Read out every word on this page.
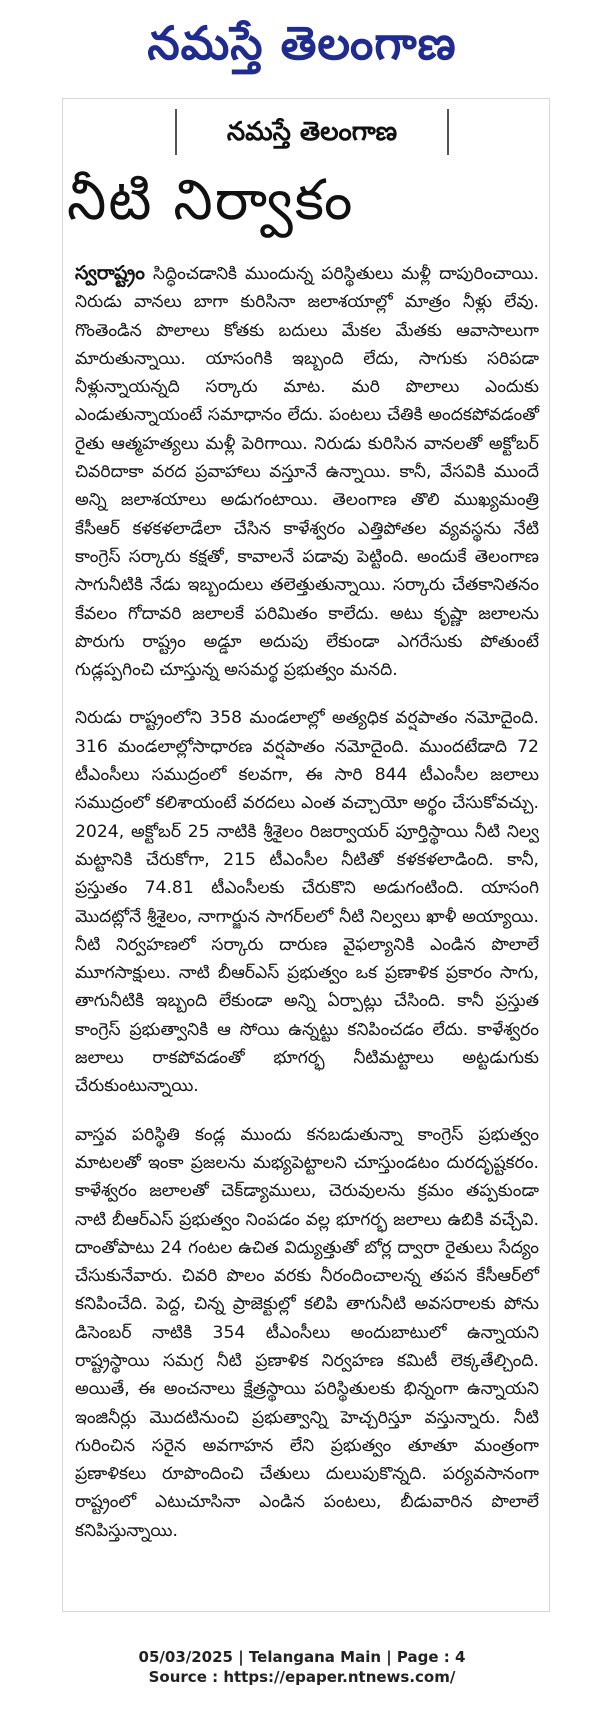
నమస్తే తెలంగాణ
నమస్తే తెలంగాణ
నీటి నిర్వాకం

స్వరాష్ట్రం సిద్ధించడానికి ముందున్న పరిస్థితులు మళ్లీ దాపురించాయి. నిరుడు వానలు బాగా కురిసినా జలాశయాల్లో మాత్రం నీళ్లు లేవు. గొంతెండిన పొలాలు కోతకు బదులు మేకల మేతకు ఆవాసాలుగా మారుతున్నాయి. యాసంగికి ఇబ్బంది లేదు, సాగుకు సరిపడా నీళ్లున్నాయన్నది సర్కారు మాట. మరి పొలాలు ఎందుకు ఎండుతున్నాయంటే సమాధానం లేదు. పంటలు చేతికి అందకపోవడంతో రైతు ఆత్మహత్యలు మళ్లీ పెరిగాయి. నిరుడు కురిసిన వానలతో అక్టోబర్ చివరిదాకా వరద ప్రవాహాలు వస్తూనే ఉన్నాయి. కానీ, వేసవికి ముందే అన్ని జలాశయాలు అడుగంటాయి. తెలంగాణ తొలి ముఖ్యమంత్రి కేసీఆర్ కళకళలాడేలా చేసిన కాళేశ్వరం ఎత్తిపోతల వ్యవస్థను నేటి కాంగ్రెస్ సర్కారు కక్షతో, కావాలనే పడావు పెట్టింది. అందుకే తెలంగాణ సాగునీటికి నేడు ఇబ్బందులు తలెత్తుతున్నాయి. సర్కారు చేతకానితనం కేవలం గోదావరి జలాలకే పరిమితం కాలేదు. అటు కృష్ణా జలాలను పొరుగు రాష్ట్రం అడ్డూ అదుపు లేకుండా ఎగరేసుకు పోతుంటే గుడ్లప్పగించి చూస్తున్న అసమర్థ ప్రభుత్వం మనది.

నిరుడు రాష్ట్రంలోని 358 మండలాల్లో అత్యధిక వర్షపాతం నమోదైంది. 316 మండలాల్లోసాధారణ వర్షపాతం నమోదైంది. ముందటేడాది 72 టీఎంసీలు సముద్రంలో కలవగా, ఈ సారి 844 టీఎంసీల జలాలు సముద్రంలో కలిశాయంటే వరదలు ఎంత వచ్చాయో అర్థం చేసుకోవచ్చు. 2024, అక్టోబర్ 25 నాటికి శ్రీశైలం రిజర్వాయర్ పూర్తిస్థాయి నీటి నిల్వ మట్టానికి చేరుకోగా, 215 టీఎంసీల నీటితో కళకళలాడింది. కానీ, ప్రస్తుతం 74.81 టీఎంసీలకు చేరుకొని అడుగంటింది. యాసంగి మొదట్లోనే శ్రీశైలం, నాగార్జున సాగర్‌లలో నీటి నిల్వలు ఖాళీ అయ్యాయి. నీటి నిర్వహణలో సర్కారు దారుణ వైఫల్యానికి ఎండిన పొలాలే మూగసాక్షులు. నాటి బీఆర్ఎస్ ప్రభుత్వం ఒక ప్రణాళిక ప్రకారం సాగు, తాగునీటికి ఇబ్బంది లేకుండా అన్ని ఏర్పాట్లు చేసింది. కానీ ప్రస్తుత కాంగ్రెస్ ప్రభుత్వానికి ఆ సోయి ఉన్నట్టు కనిపించడం లేదు. కాళేశ్వరం జలాలు రాకపోవడంతో భూగర్భ నీటిమట్టాలు అట్టడుగుకు చేరుకుంటున్నాయి.

వాస్తవ పరిస్థితి కండ్ల ముందు కనబడుతున్నా కాంగ్రెస్ ప్రభుత్వం మాటలతో ఇంకా ప్రజలను మభ్యపెట్టాలని చూస్తుండటం దురదృష్టకరం. కాళేశ్వరం జలాలతో చెక్‌డ్యాములు, చెరువులను క్రమం తప్పకుండా నాటి బీఆర్ఎస్ ప్రభుత్వం నింపడం వల్ల భూగర్భ జలాలు ఉబికి వచ్చేవి. దాంతోపాటు 24 గంటల ఉచిత విద్యుత్తుతో బోర్ల ద్వారా రైతులు సేద్యం చేసుకునేవారు. చివరి పొలం వరకు నీరందించాలన్న తపన కేసీఆర్‌లో కనిపించేది. పెద్ద, చిన్న ప్రాజెక్టుల్లో కలిపి తాగునీటి అవసరాలకు పోను డిసెంబర్ నాటికి 354 టీఎంసీలు అందుబాటులో ఉన్నాయని రాష్ట్రస్థాయి సమగ్ర నీటి ప్రణాళిక నిర్వహణ కమిటీ లెక్కతేల్చింది. అయితే, ఈ అంచనాలు క్షేత్రస్థాయి పరిస్థితులకు భిన్నంగా ఉన్నాయని ఇంజినీర్లు మొదటినుంచి ప్రభుత్వాన్ని హెచ్చరిస్తూ వస్తున్నారు. నీటి గురించిన సరైన అవగాహన లేని ప్రభుత్వం తూతూ మంత్రంగా ప్రణాళికలు రూపొందించి చేతులు దులుపుకొన్నది. పర్యవసానంగా రాష్ట్రంలో ఎటుచూసినా ఎండిన పంటలు, బీడువారిన పొలాలే కనిపిస్తున్నాయి.

05/03/2025 | Telangana Main | Page : 4
Source : https://epaper.ntnews.com/
